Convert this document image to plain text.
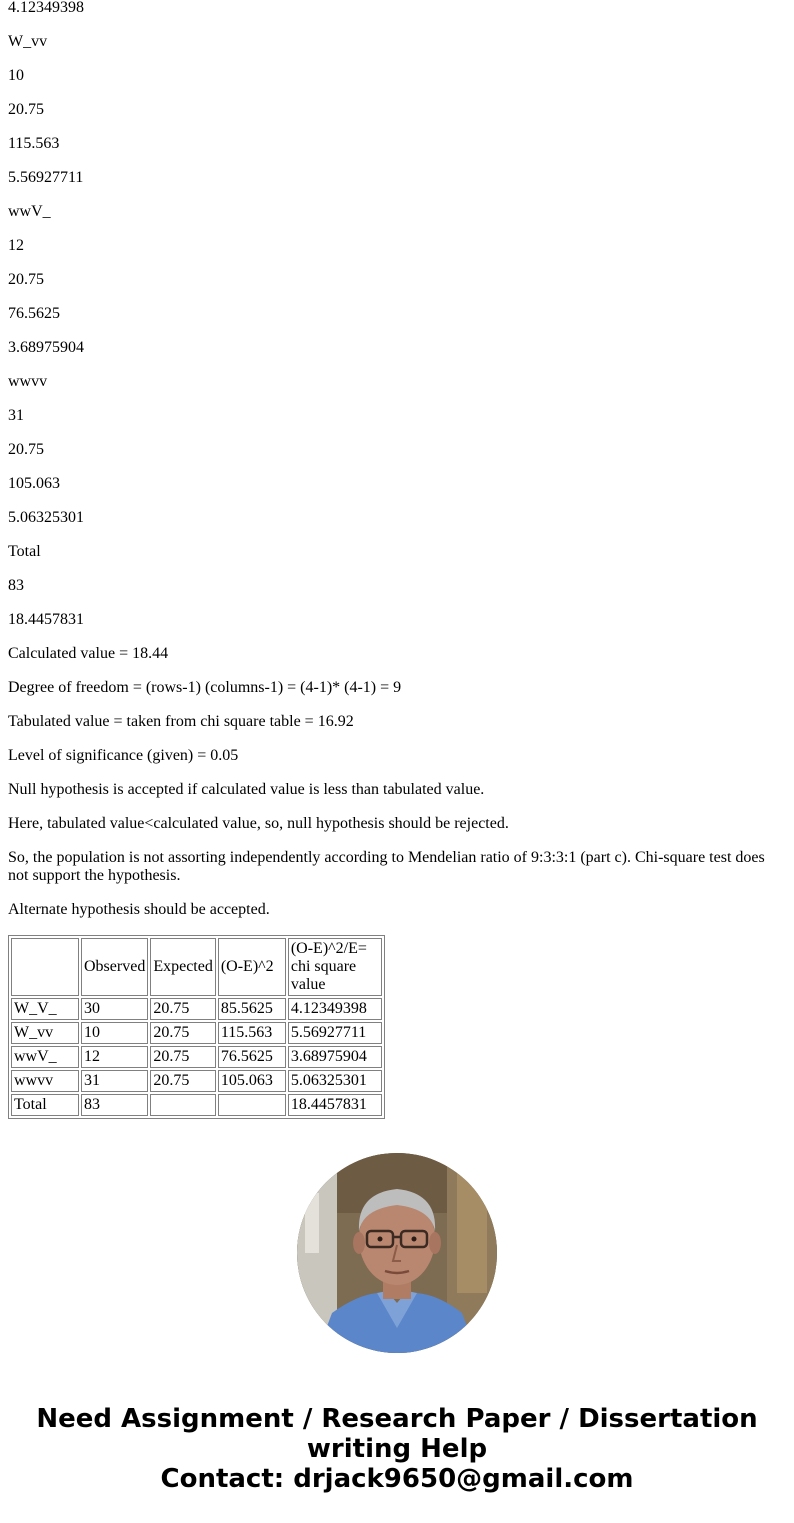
4.12349398

W_vv

10

20.75

115.563

5.56927711

wwV_

12

20.75

76.5625

3.68975904

wwvv

31

20.75

105.063

5.06325301

Total

83

18.4457831

Calculated value = 18.44

Degree of freedom = (rows-1) (columns-1) = (4-1)* (4-1) = 9

Tabulated value = taken from chi square table = 16.92

Level of significance (given) = 0.05

Null hypothesis is accepted if calculated value is less than tabulated value.

Here, tabulated value<calculated value, so, null hypothesis should be rejected.

So, the population is not assorting independently according to Mendelian ratio of 9:3:3:1 (part c). Chi-square test does not support the hypothesis.

Alternate hypothesis should be accepted.

	Observed	Expected	(O-E)^2	(O-E)^2/E= chi square value
W_V_	30	20.75	85.5625	4.12349398
W_vv	10	20.75	115.563	5.56927711
wwV_	12	20.75	76.5625	3.68975904
wwvv	31	20.75	105.063	5.06325301
Total	83			18.4457831
Need Assignment / Research Paper / Dissertation
writing Help
Contact: drjack9650@gmail.com
